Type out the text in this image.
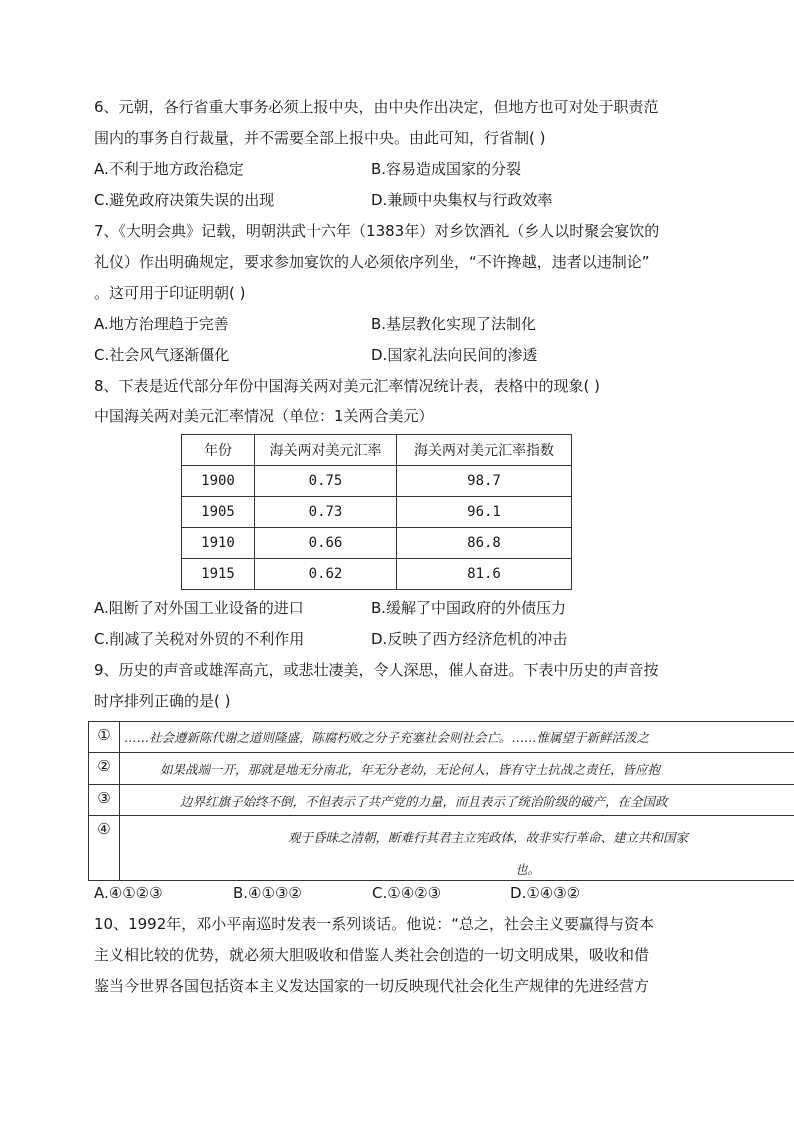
6、元朝，各行省重大事务必须上报中央，由中央作出决定，但地方也可对处于职责范
围内的事务自行裁量，并不需要全部上报中央。由此可知，行省制( )
A.不利于地方政治稳定	B.容易造成国家的分裂
C.避免政府决策失误的出现	D.兼顾中央集权与行政效率
7、《大明会典》记载，明朝洪武十六年（1383年）对乡饮酒礼（乡人以时聚会宴饮的
礼仪）作出明确规定，要求参加宴饮的人必须依序列坐，“不许搀越，违者以违制论”
。这可用于印证明朝( )
A.地方治理趋于完善	B.基层教化实现了法制化
C.社会风气逐渐僵化	D.国家礼法向民间的渗透
8、下表是近代部分年份中国海关两对美元汇率情况统计表，表格中的现象( )
中国海关两对美元汇率情况（单位：1关两合美元）
年份	海关两对美元汇率	海关两对美元汇率指数
1900	0.75	98.7
1905	0.73	96.1
1910	0.66	86.8
1915	0.62	81.6
A.阻断了对外国工业设备的进口	B.缓解了中国政府的外债压力
C.削减了关税对外贸的不利作用	D.反映了西方经济危机的冲击
9、历史的声音或雄浑高亢，或悲壮凄美，令人深思，催人奋进。下表中历史的声音按
时序排列正确的是( )
①	……社会遵新陈代谢之道则隆盛，陈腐朽败之分子充塞社会则社会亡。……惟属望于新鲜活泼之
②	如果战端一开，那就是地无分南北，年无分老幼，无论何人，皆有守土抗战之责任，皆应抱
③	边界红旗子始终不倒，不但表示了共产党的力量，而且表示了统治阶级的破产，在全国政
④	观于昏昧之清朝，断难行其君主立宪政体，故非实行革命、建立共和国家
也。
A.④①②③	B.④①③②	C.①④②③	D.①④③②
10、1992年，邓小平南巡时发表一系列谈话。他说：“总之，社会主义要赢得与资本
主义相比较的优势，就必须大胆吸收和借鉴人类社会创造的一切文明成果，吸收和借
鉴当今世界各国包括资本主义发达国家的一切反映现代社会化生产规律的先进经营方
